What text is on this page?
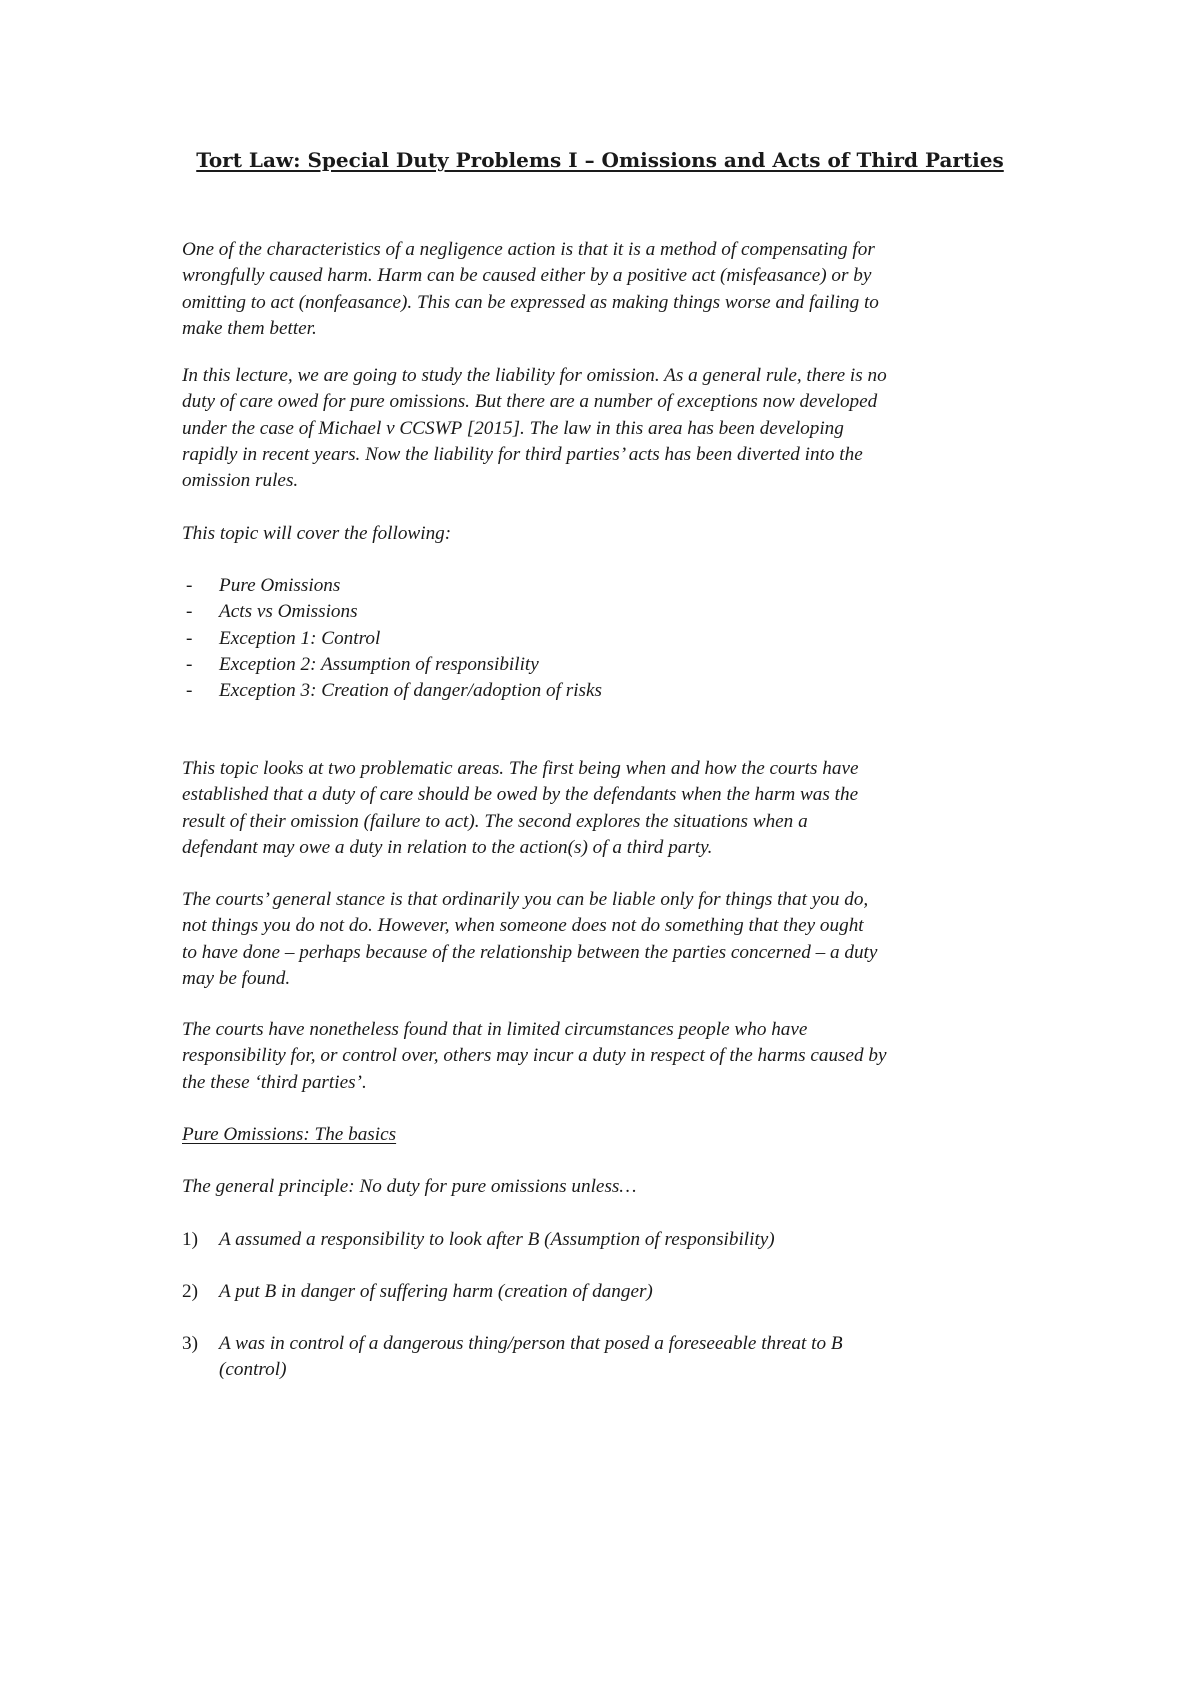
Tort Law: Special Duty Problems I – Omissions and Acts of Third Parties
One of the characteristics of a negligence action is that it is a method of compensating for
wrongfully caused harm. Harm can be caused either by a positive act (misfeasance) or by
omitting to act (nonfeasance). This can be expressed as making things worse and failing to
make them better.
In this lecture, we are going to study the liability for omission. As a general rule, there is no
duty of care owed for pure omissions. But there are a number of exceptions now developed
under the case of Michael v CCSWP [2015]. The law in this area has been developing
rapidly in recent years. Now the liability for third parties’ acts has been diverted into the
omission rules.
This topic will cover the following:
- Pure Omissions
- Acts vs Omissions
- Exception 1: Control
- Exception 2: Assumption of responsibility
- Exception 3: Creation of danger/adoption of risks
This topic looks at two problematic areas. The first being when and how the courts have
established that a duty of care should be owed by the defendants when the harm was the
result of their omission (failure to act). The second explores the situations when a
defendant may owe a duty in relation to the action(s) of a third party.
The courts’ general stance is that ordinarily you can be liable only for things that you do,
not things you do not do. However, when someone does not do something that they ought
to have done – perhaps because of the relationship between the parties concerned – a duty
may be found.
The courts have nonetheless found that in limited circumstances people who have
responsibility for, or control over, others may incur a duty in respect of the harms caused by
the these ‘third parties’.
Pure Omissions: The basics
The general principle: No duty for pure omissions unless…
1) A assumed a responsibility to look after B (Assumption of responsibility)
2) A put B in danger of suffering harm (creation of danger)
3) A was in control of a dangerous thing/person that posed a foreseeable threat to B
(control)
